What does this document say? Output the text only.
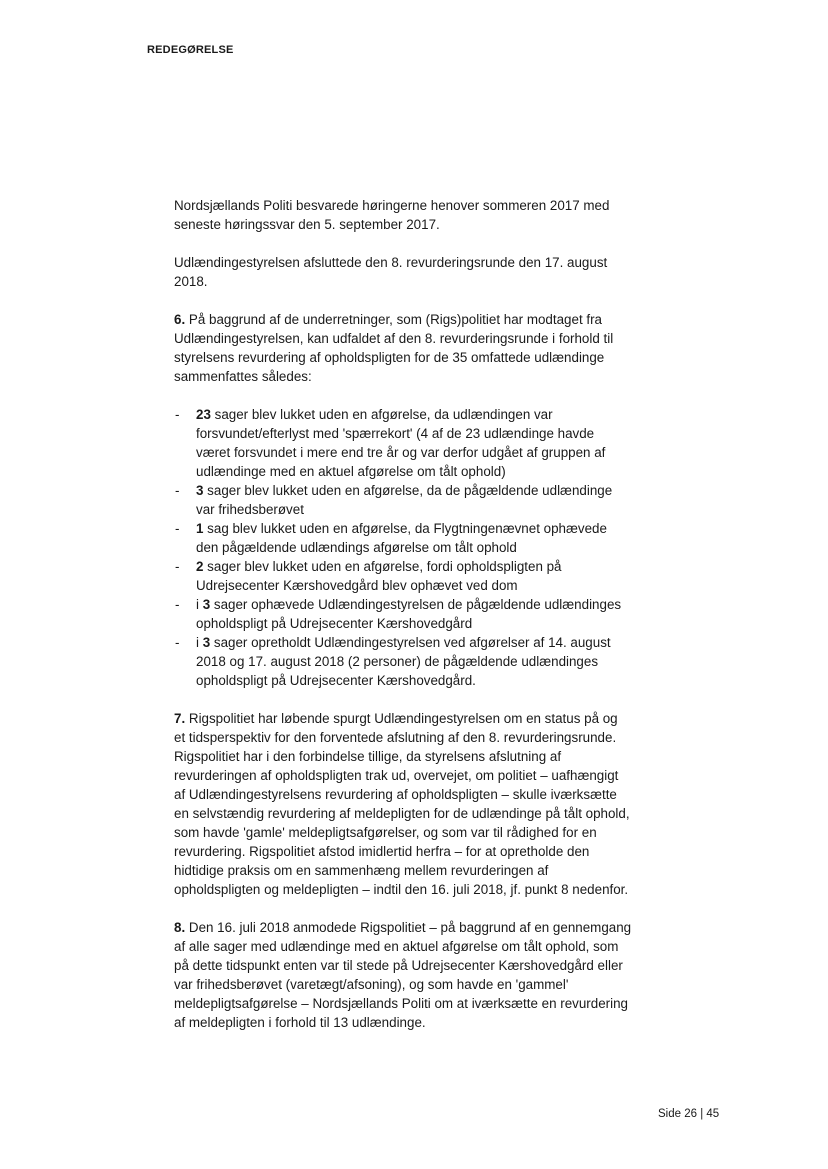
REDEGØRELSE

Nordsjællands Politi besvarede høringerne henover sommeren 2017 med seneste høringssvar den 5. september 2017.

Udlændingestyrelsen afsluttede den 8. revurderingsrunde den 17. august 2018.

6. På baggrund af de underretninger, som (Rigs)politiet har modtaget fra Udlændingestyrelsen, kan udfaldet af den 8. revurderingsrunde i forhold til styrelsens revurdering af opholdspligten for de 35 omfattede udlændinge sammenfattes således:

- 23 sager blev lukket uden en afgørelse, da udlændingen var forsvundet/efterlyst med 'spærrekort' (4 af de 23 udlændinge havde været forsvundet i mere end tre år og var derfor udgået af gruppen af udlændinge med en aktuel afgørelse om tålt ophold)
- 3 sager blev lukket uden en afgørelse, da de pågældende udlændinge var frihedsberøvet
- 1 sag blev lukket uden en afgørelse, da Flygtningenævnet ophævede den pågældende udlændings afgørelse om tålt ophold
- 2 sager blev lukket uden en afgørelse, fordi opholdspligten på Udrejsecenter Kærshovedgård blev ophævet ved dom
- i 3 sager ophævede Udlændingestyrelsen de pågældende udlændinges opholdspligt på Udrejsecenter Kærshovedgård
- i 3 sager opretholdt Udlændingestyrelsen ved afgørelser af 14. august 2018 og 17. august 2018 (2 personer) de pågældende udlændinges opholdspligt på Udrejsecenter Kærshovedgård.

7. Rigspolitiet har løbende spurgt Udlændingestyrelsen om en status på og et tidsperspektiv for den forventede afslutning af den 8. revurderingsrunde. Rigspolitiet har i den forbindelse tillige, da styrelsens afslutning af revurderingen af opholdspligten trak ud, overvejet, om politiet – uafhængigt af Udlændingestyrelsens revurdering af opholdspligten – skulle iværksætte en selvstændig revurdering af meldepligten for de udlændinge på tålt ophold, som havde 'gamle' meldepligtsafgørelser, og som var til rådighed for en revurdering. Rigspolitiet afstod imidlertid herfra – for at opretholde den hidtidige praksis om en sammenhæng mellem revurderingen af opholdspligten og meldepligten – indtil den 16. juli 2018, jf. punkt 8 nedenfor.

8. Den 16. juli 2018 anmodede Rigspolitiet – på baggrund af en gennemgang af alle sager med udlændinge med en aktuel afgørelse om tålt ophold, som på dette tidspunkt enten var til stede på Udrejsecenter Kærshovedgård eller var frihedsberøvet (varetægt/afsoning), og som havde en 'gammel' meldepligtsafgørelse – Nordsjællands Politi om at iværksætte en revurdering af meldepligten i forhold til 13 udlændinge.

Side 26 | 45
